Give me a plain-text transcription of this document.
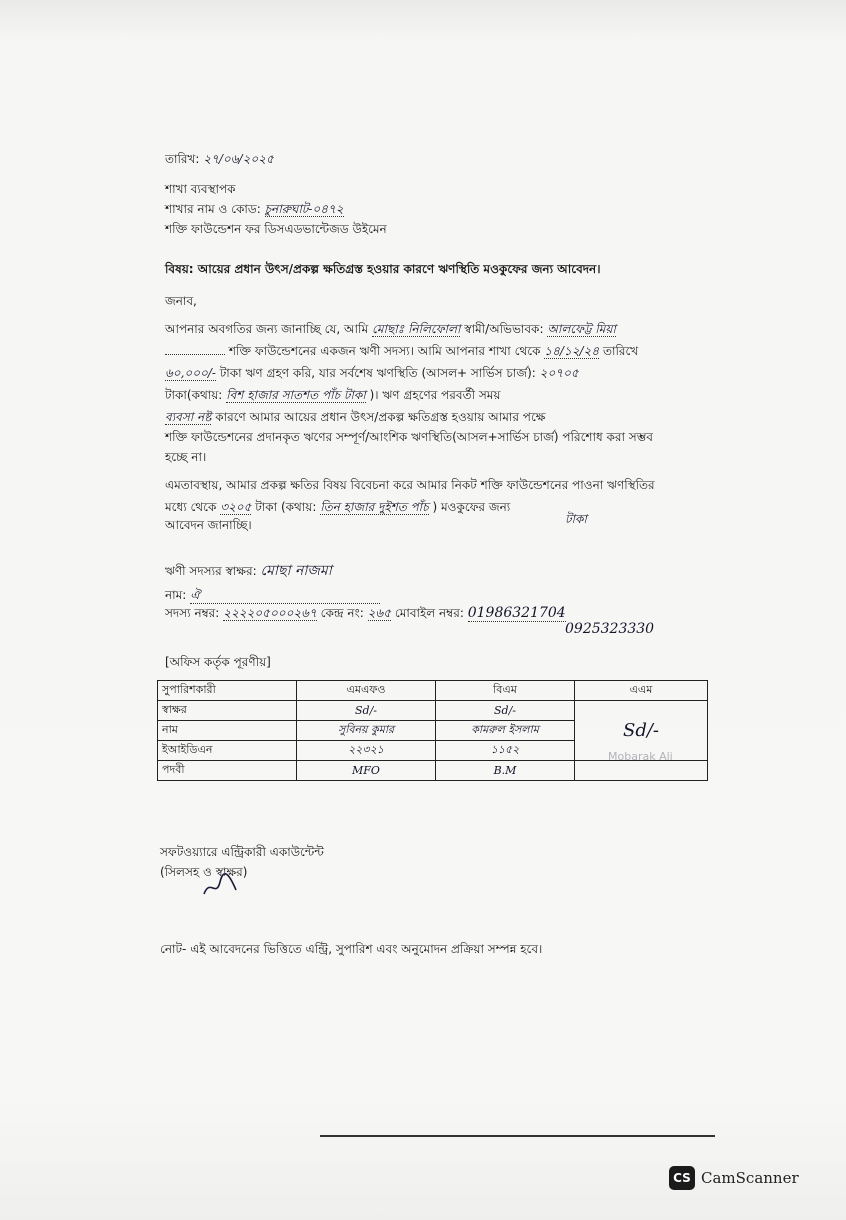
তারিখ: ২৭/০৬/২০২৫
শাখা ব্যবস্থাপক
শাখার নাম ও কোড: চুনারুঘাট-০৪৭২
শক্তি ফাউন্ডেশন ফর ডিসএডভান্টেজড উইমেন
বিষয়: আয়ের প্রধান উৎস/প্রকল্প ক্ষতিগ্রস্ত হওয়ার কারণে ঋণস্থিতি মওকুফের জন্য আবেদন।
জনাব,
আপনার অবগতির জন্য জানাচ্ছি যে, আমি মোছাঃ নিলিফোলা স্বামী/অভিভাবক: আলফেট্ট মিয়া
শক্তি ফাউন্ডেশনের একজন ঋণী সদস্য। আমি আপনার শাখা থেকে ১৪/১২/২৪ তারিখে
৬০,০০০/- টাকা ঋণ গ্রহণ করি, যার সর্বশেষ ঋণস্থিতি (আসল+ সার্ভিস চার্জ): ২০৭০৫
টাকা(কথায়: বিশ হাজার সাতশত পাঁচ টাকা )। ঋণ গ্রহণের পরবর্তী সময়
ব্যবসা নষ্ট কারণে আমার আয়ের প্রধান উৎস/প্রকল্প ক্ষতিগ্রস্ত হওয়ায় আমার পক্ষে
শক্তি ফাউন্ডেশনের প্রদানকৃত ঋণের সম্পূর্ণ/আংশিক ঋণস্থিতি(আসল+সার্ভিস চার্জ) পরিশোধ করা সম্ভব
হচ্ছে না।
এমতাবস্থায়, আমার প্রকল্প ক্ষতির বিষয় বিবেচনা করে আমার নিকট শক্তি ফাউন্ডেশনের পাওনা ঋণস্থিতির
মধ্যে থেকে ৩২০৫ টাকা (কথায়: তিন হাজার দুইশত পাঁচ ) মওকুফের জন্য
টাকা
আবেদন জানাচ্ছি।
ঋণী সদস্যর স্বাক্ষর: মোছা নাজমা
নাম: ঐ
সদস্য নম্বর: ২২২২০৫০০০২৬৭ কেন্দ্র নং: ২৬৫ মোবাইল নম্বর: 01986321704
0925323330
[অফিস কর্তৃক পূরণীয়]
সুপারিশকারী	এমএফও	বিএম	এএম
স্বাক্ষর	Sd/-	Sd/-	Sd/-
নাম	সুবিনয় কুমার	কামরুল ইসলাম	
ইআইডিএন	২২৩২১	১১৫২	
পদবী	MFO	B.M	
Mobarak Ali
সফটওয়্যারে এন্ট্রিকারী একাউন্টেন্ট
(সিলসহ ও স্বাক্ষর)
নোট- এই আবেদনের ভিত্তিতে এন্ট্রি, সুপারিশ এবং অনুমোদন প্রক্রিয়া সম্পন্ন হবে।
CS CamScanner
